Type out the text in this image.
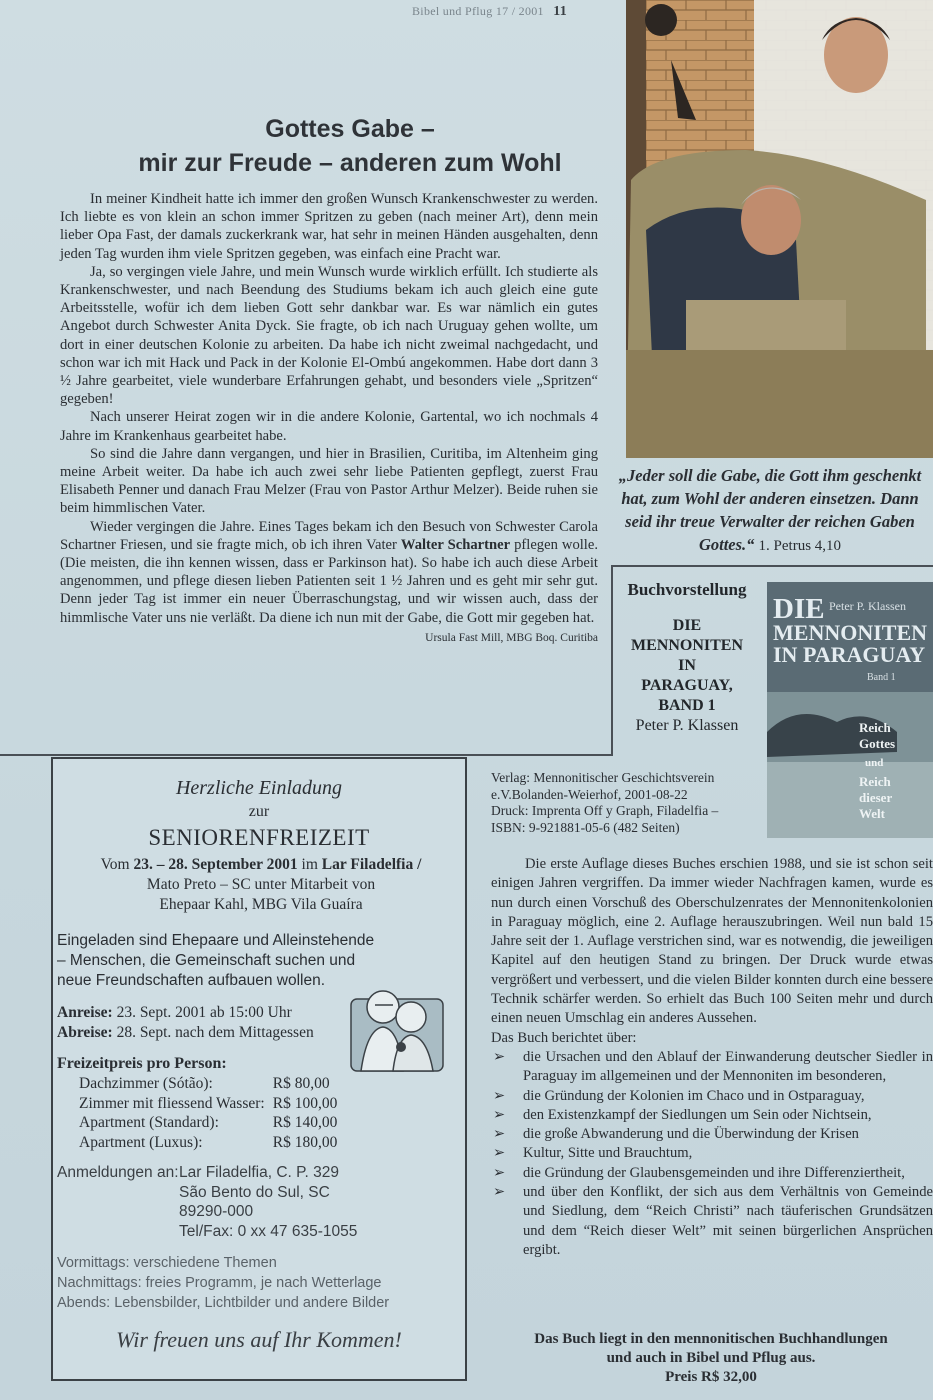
Bibel und Pflug 17 / 2001 11
Gottes Gabe –
mir zur Freude – anderen zum Wohl

In meiner Kindheit hatte ich immer den großen Wunsch Krankenschwester zu werden. Ich liebte es von klein an schon immer Spritzen zu geben (nach meiner Art), denn mein lieber Opa Fast, der damals zuckerkrank war, hat sehr in meinen Händen ausgehalten, denn jeden Tag wurden ihm viele Spritzen gegeben, was einfach eine Pracht war.

Ja, so vergingen viele Jahre, und mein Wunsch wurde wirklich erfüllt. Ich studierte als Krankenschwester, und nach Beendung des Studiums bekam ich auch gleich eine gute Arbeitsstelle, wofür ich dem lieben Gott sehr dankbar war. Es war nämlich ein gutes Angebot durch Schwester Anita Dyck. Sie fragte, ob ich nach Uruguay gehen wollte, um dort in einer deutschen Kolonie zu arbeiten. Da habe ich nicht zweimal nachgedacht, und schon war ich mit Hack und Pack in der Kolonie El-Ombú angekommen. Habe dort dann 3 ½ Jahre gearbeitet, viele wunderbare Erfahrungen gehabt, und besonders viele „Spritzen“ gegeben!

Nach unserer Heirat zogen wir in die andere Kolonie, Gartental, wo ich nochmals 4 Jahre im Krankenhaus gearbeitet habe.

So sind die Jahre dann vergangen, und hier in Brasilien, Curitiba, im Altenheim ging meine Arbeit weiter. Da habe ich auch zwei sehr liebe Patienten gepflegt, zuerst Frau Elisabeth Penner und danach Frau Melzer (Frau von Pastor Arthur Melzer). Beide ruhen sie beim himmlischen Vater.

Wieder vergingen die Jahre. Eines Tages bekam ich den Besuch von Schwester Carola Schartner Friesen, und sie fragte mich, ob ich ihren Vater Walter Schartner pflegen wolle. (Die meisten, die ihn kennen wissen, dass er Parkinson hat). So habe ich auch diese Arbeit angenommen, und pflege diesen lieben Patienten seit 1 ½ Jahren und es geht mir sehr gut. Denn jeder Tag ist immer ein neuer Überraschungstag, und wir wissen auch, dass der himmlische Vater uns nie verläßt. Da diene ich nun mit der Gabe, die Gott mir gegeben hat.

Ursula Fast Mill, MBG Boq. Curitiba
„Jeder soll die Gabe, die Gott ihm geschenkt hat, zum Wohl der anderen einsetzen. Dann seid ihr treue Verwalter der reichen Gaben Gottes.“ 1. Petrus 4,10
Buchvorstellung
DIE
MENNONITEN
IN
PARAGUAY,
BAND 1
Peter P. Klassen
DIE Peter P. Klassen
MENNONITEN
IN PARAGUAY
Band 1
Reich
Gottes
und
Reich
dieser
Welt
Verlag: Mennonitischer Geschichtsverein e.V.Bolanden-Weierhof, 2001-08-22
Druck: Imprenta Off y Graph, Filadelfia –
ISBN: 9-921881-05-6 (482 Seiten)
Herzliche Einladung
zur
SENIORENFREIZEIT
Vom 23. – 28. September 2001 im Lar Filadelfia /
Mato Preto – SC unter Mitarbeit von
Ehepaar Kahl, MBG Vila Guaíra
Eingeladen sind Ehepaare und Alleinstehende – Menschen, die Gemeinschaft suchen und neue Freundschaften aufbauen wollen.
Anreise: 23. Sept. 2001 ab 15:00 Uhr
Abreise: 28. Sept. nach dem Mittagessen
Freizeitpreis pro Person:
Dachzimmer (Sótão):	R$ 80,00
Zimmer mit fliessend Wasser:	R$ 100,00
Apartment (Standard):	R$ 140,00
Apartment (Luxus):	R$ 180,00
Anmeldungen an: Lar Filadelfia, C. P. 329
São Bento do Sul, SC
89290-000
Tel/Fax: 0 xx 47 635-1055
Vormittags: verschiedene Themen
Nachmittags: freies Programm, je nach Wetterlage
Abends: Lebensbilder, Lichtbilder und andere Bilder
Wir freuen uns auf Ihr Kommen!

Die erste Auflage dieses Buches erschien 1988, und sie ist schon seit einigen Jahren vergriffen. Da immer wieder Nachfragen kamen, wurde es nun durch einen Vorschuß des Oberschulzenrates der Mennonitenkolonien in Paraguay möglich, eine 2. Auflage herauszubringen. Weil nun bald 15 Jahre seit der 1. Auflage verstrichen sind, war es notwendig, die jeweiligen Kapitel auf den heutigen Stand zu bringen. Der Druck wurde etwas vergrößert und verbessert, und die vielen Bilder konnten durch eine bessere Technik schärfer werden. So erhielt das Buch 100 Seiten mehr und durch einen neuen Umschlag ein anderes Aussehen.

Das Buch berichtet über:

➢ die Ursachen und den Ablauf der Einwanderung deutscher Siedler in Paraguay im allgemeinen und der Mennoniten im besonderen,
➢ die Gründung der Kolonien im Chaco und in Ostparaguay,
➢ den Existenzkampf der Siedlungen um Sein oder Nichtsein,
➢ die große Abwanderung und die Überwindung der Krisen
➢ Kultur, Sitte und Brauchtum,
➢ die Gründung der Glaubensgemeinden und ihre Differenziertheit,
➢ und über den Konflikt, der sich aus dem Verhältnis von Gemeinde und Siedlung, dem “Reich Christi” nach täuferischen Grundsätzen und dem “Reich dieser Welt” mit seinen bürgerlichen Ansprüchen ergibt.
Das Buch liegt in den mennonitischen Buchhandlungen
und auch in Bibel und Pflug aus.
Preis R$ 32,00
